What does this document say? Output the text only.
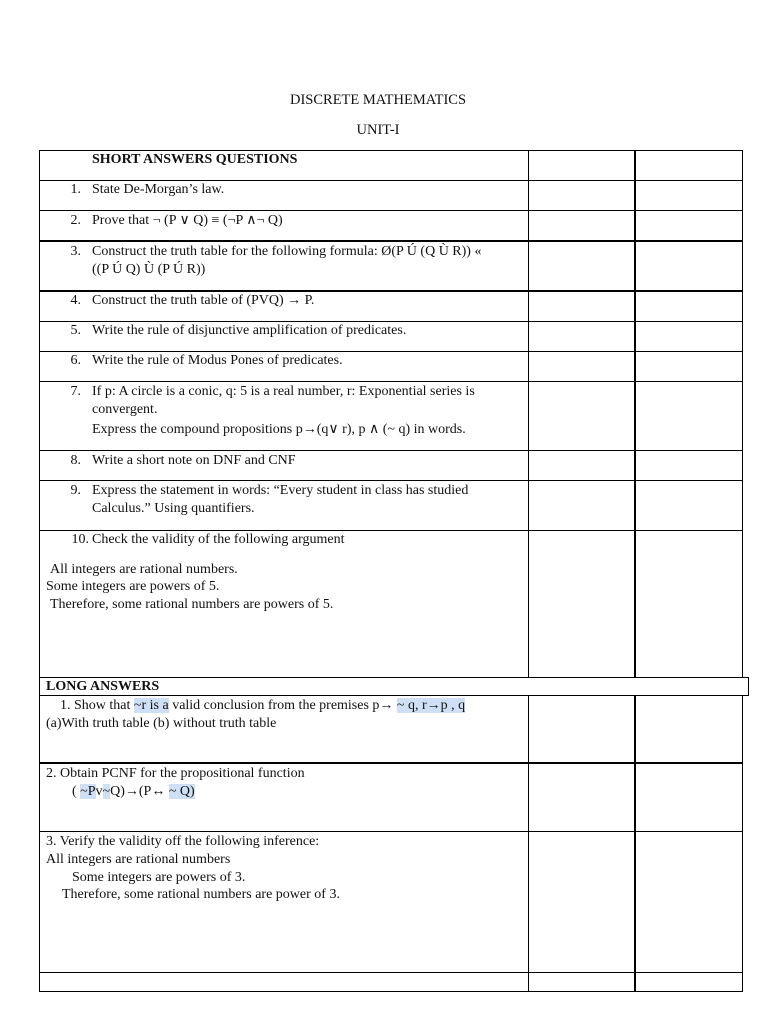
DISCRETE MATHEMATICS
UNIT-I
SHORT ANSWERS QUESTIONS
1. State De-Morgan’s law.
2. Prove that ¬ (P ∨ Q) ≡ (¬P ∧¬ Q)
3. Construct the truth table for the following formula: Ø(P Ú (Q Ù R)) «
((P Ú Q) Ù (P Ú R))
4. Construct the truth table of (PVQ) → P.
5. Write the rule of disjunctive amplification of predicates.
6. Write the rule of Modus Pones of predicates.
7. If p: A circle is a conic, q: 5 is a real number, r: Exponential series is
convergent.
Express the compound propositions p→(q∨ r), p ∧ (~ q) in words.
8. Write a short note on DNF and CNF
9. Express the statement in words: “Every student in class has studied
Calculus.” Using quantifiers.
10. Check the validity of the following argument
All integers are rational numbers.
Some integers are powers of 5.
Therefore, some rational numbers are powers of 5.
LONG ANSWERS
1. Show that ~r is a valid conclusion from the premises p→ ~ q, r→p , q
(a)With truth table (b) without truth table
2. Obtain PCNF for the propositional function
( ~Pv~Q)→(P↔ ~ Q)
3. Verify the validity off the following inference:
All integers are rational numbers
Some integers are powers of 3.
Therefore, some rational numbers are power of 3.
